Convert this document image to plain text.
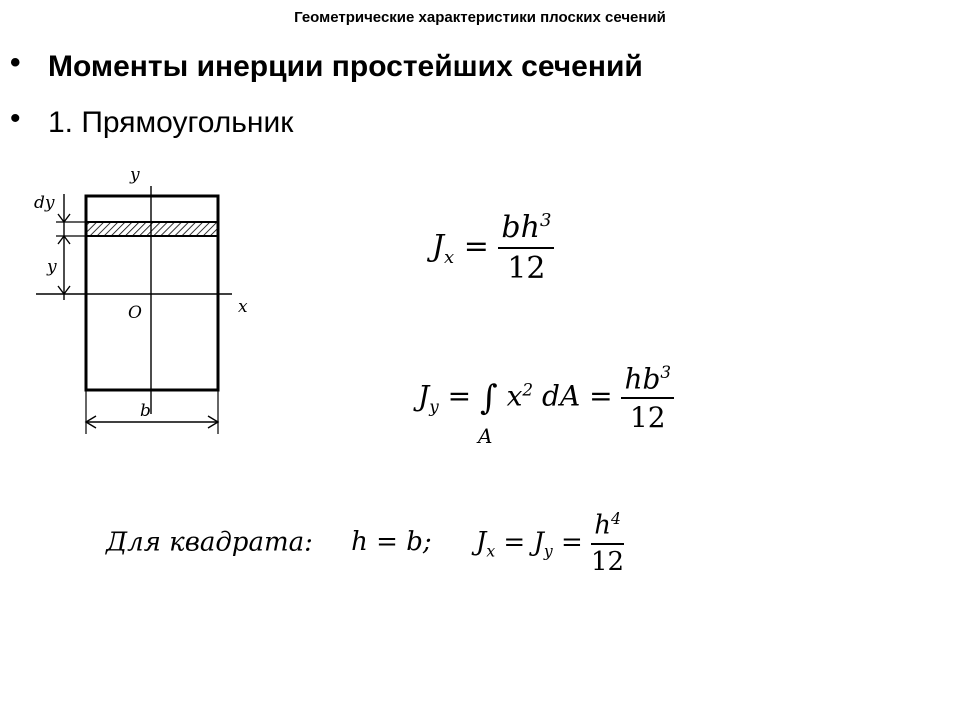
Геометрические характеристики плоских сечений
• Моменты инерции простейших сечений
• 1. Прямоугольник
y
x
O
dy
y
b
$J_x = \frac{bh^3}{12}$
$J_y$ = ∫
A
$x^2$ dA = $\frac{hb^3}{12}$
Для квадрата: h = b; $J_x = J_y = \frac{h^4}{12}$
